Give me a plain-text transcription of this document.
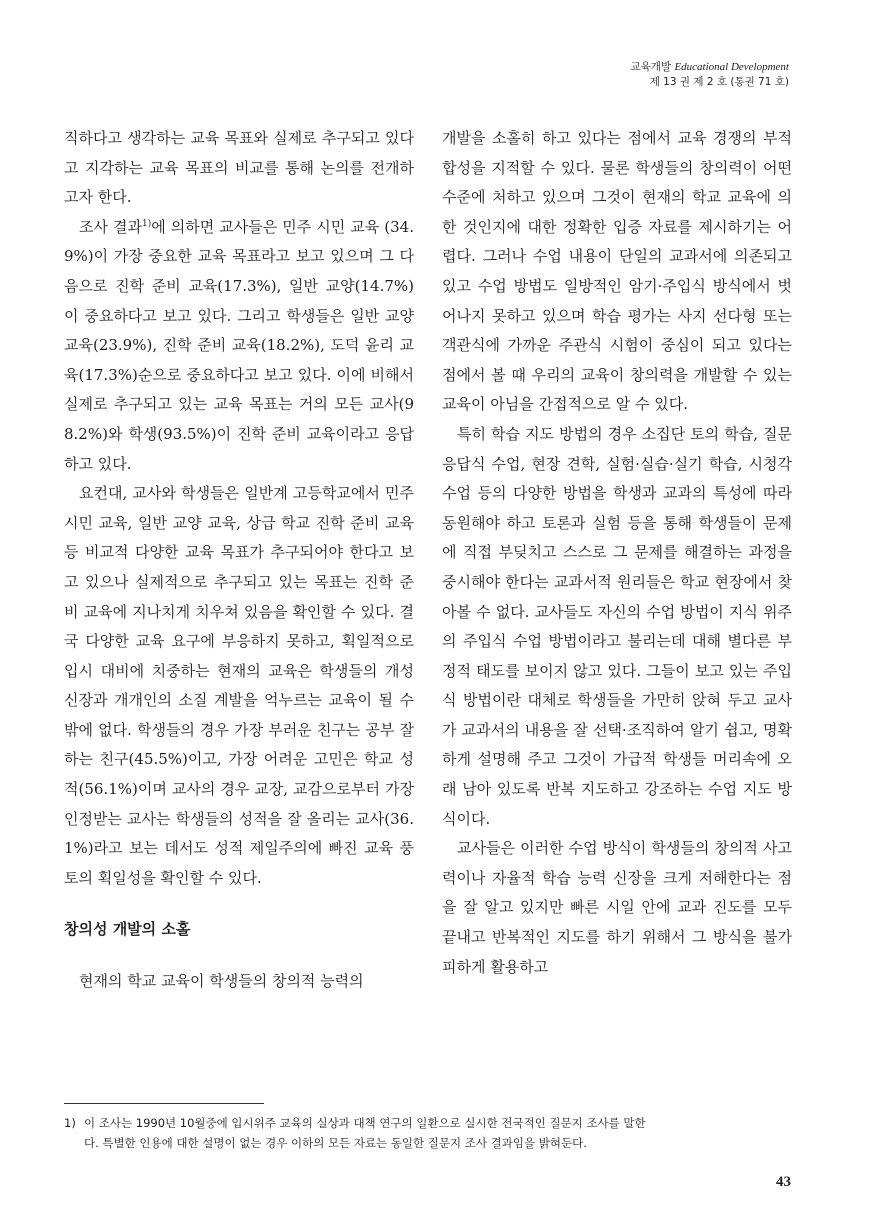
교육개발 Educational Development
제 13 권 제 2 호 (통권 71 호)

직하다고 생각하는 교육 목표와 실제로 추구되고 있다고 지각하는 교육 목표의 비교를 통해 논의를 전개하고자 한다.

조사 결과$^{1)}$에 의하면 교사들은 민주 시민 교육 (34.9%)이 가장 중요한 교육 목표라고 보고 있으며 그 다음으로 진학 준비 교육(17.3%), 일반 교양(14.7%)이 중요하다고 보고 있다. 그리고 학생들은 일반 교양 교육(23.9%), 진학 준비 교육(18.2%), 도덕 윤리 교육(17.3%)순으로 중요하다고 보고 있다. 이에 비해서 실제로 추구되고 있는 교육 목표는 거의 모든 교사(98.2%)와 학생(93.5%)이 진학 준비 교육이라고 응답하고 있다.

요컨대, 교사와 학생들은 일반계 고등학교에서 민주 시민 교육, 일반 교양 교육, 상급 학교 진학 준비 교육 등 비교적 다양한 교육 목표가 추구되어야 한다고 보고 있으나 실제적으로 추구되고 있는 목표는 진학 준비 교육에 지나치게 치우쳐 있음을 확인할 수 있다. 결국 다양한 교육 요구에 부응하지 못하고, 획일적으로 입시 대비에 치중하는 현재의 교육은 학생들의 개성 신장과 개개인의 소질 계발을 억누르는 교육이 될 수 밖에 없다. 학생들의 경우 가장 부러운 친구는 공부 잘 하는 친구(45.5%)이고, 가장 어려운 고민은 학교 성적(56.1%)이며 교사의 경우 교장, 교감으로부터 가장 인정받는 교사는 학생들의 성적을 잘 올리는 교사(36.1%)라고 보는 데서도 성적 제일주의에 빠진 교육 풍토의 획일성을 확인할 수 있다.

창의성 개발의 소홀

현재의 학교 교육이 학생들의 창의적 능력의

개발을 소홀히 하고 있다는 점에서 교육 경쟁의 부적합성을 지적할 수 있다. 물론 학생들의 창의력이 어떤 수준에 처하고 있으며 그것이 현재의 학교 교육에 의한 것인지에 대한 정확한 입증 자료를 제시하기는 어렵다. 그러나 수업 내용이 단일의 교과서에 의존되고 있고 수업 방법도 일방적인 암기·주입식 방식에서 벗어나지 못하고 있으며 학습 평가는 사지 선다형 또는 객관식에 가까운 주관식 시험이 중심이 되고 있다는 점에서 볼 때 우리의 교육이 창의력을 개발할 수 있는 교육이 아님을 간접적으로 알 수 있다.

특히 학습 지도 방법의 경우 소집단 토의 학습, 질문 응답식 수업, 현장 견학, 실험·실습·실기 학습, 시청각 수업 등의 다양한 방법을 학생과 교과의 특성에 따라 동원해야 하고 토론과 실험 등을 통해 학생들이 문제에 직접 부딪치고 스스로 그 문제를 해결하는 과정을 중시해야 한다는 교과서적 원리들은 학교 현장에서 찾아볼 수 없다. 교사들도 자신의 수업 방법이 지식 위주의 주입식 수업 방법이라고 불리는데 대해 별다른 부정적 태도를 보이지 않고 있다. 그들이 보고 있는 주입식 방법이란 대체로 학생들을 가만히 앉혀 두고 교사가 교과서의 내용을 잘 선택·조직하여 알기 쉽고, 명확하게 설명해 주고 그것이 가급적 학생들 머리속에 오래 남아 있도록 반복 지도하고 강조하는 수업 지도 방식이다.

교사들은 이러한 수업 방식이 학생들의 창의적 사고력이나 자율적 학습 능력 신장을 크게 저해한다는 점을 잘 알고 있지만 빠른 시일 안에 교과 진도를 모두 끝내고 반복적인 지도를 하기 위해서 그 방식을 불가피하게 활용하고

1) 이 조사는 1990년 10월중에 입시위주 교육의 실상과 대책 연구의 일환으로 실시한 전국적인 질문지 조사를 말한
다. 특별한 인용에 대한 설명이 없는 경우 이하의 모든 자료는 동일한 질문지 조사 결과임을 밝혀둔다.
43
